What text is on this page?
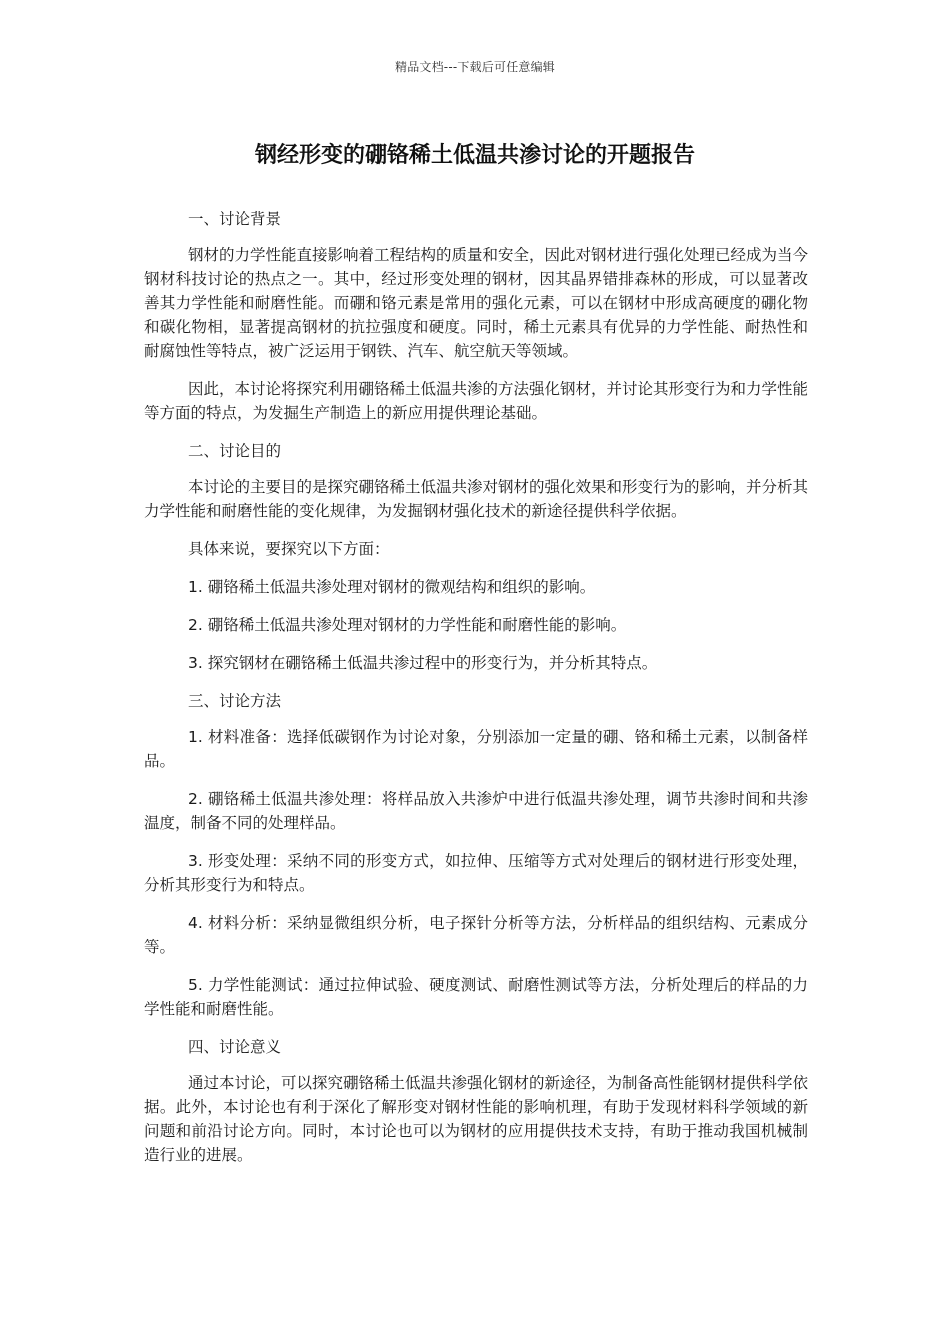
精品文档---下载后可任意编辑
钢经形变的硼铬稀土低温共渗讨论的开题报告

一、讨论背景

钢材的力学性能直接影响着工程结构的质量和安全，因此对钢材进行强化处理已经成为当今钢材科技讨论的热点之一。其中，经过形变处理的钢材，因其晶界错排森林的形成，可以显著改善其力学性能和耐磨性能。而硼和铬元素是常用的强化元素，可以在钢材中形成高硬度的硼化物和碳化物相，显著提高钢材的抗拉强度和硬度。同时，稀土元素具有优异的力学性能、耐热性和耐腐蚀性等特点，被广泛运用于钢铁、汽车、航空航天等领域。

因此，本讨论将探究利用硼铬稀土低温共渗的方法强化钢材，并讨论其形变行为和力学性能等方面的特点，为发掘生产制造上的新应用提供理论基础。

二、讨论目的

本讨论的主要目的是探究硼铬稀土低温共渗对钢材的强化效果和形变行为的影响，并分析其力学性能和耐磨性能的变化规律，为发掘钢材强化技术的新途径提供科学依据。

具体来说，要探究以下方面：

1. 硼铬稀土低温共渗处理对钢材的微观结构和组织的影响。

2. 硼铬稀土低温共渗处理对钢材的力学性能和耐磨性能的影响。

3. 探究钢材在硼铬稀土低温共渗过程中的形变行为，并分析其特点。

三、讨论方法

1. 材料准备：选择低碳钢作为讨论对象，分别添加一定量的硼、铬和稀土元素，以制备样品。

2. 硼铬稀土低温共渗处理：将样品放入共渗炉中进行低温共渗处理，调节共渗时间和共渗温度，制备不同的处理样品。

3. 形变处理：采纳不同的形变方式，如拉伸、压缩等方式对处理后的钢材进行形变处理，分析其形变行为和特点。

4. 材料分析：采纳显微组织分析，电子探针分析等方法，分析样品的组织结构、元素成分等。

5. 力学性能测试：通过拉伸试验、硬度测试、耐磨性测试等方法，分析处理后的样品的力学性能和耐磨性能。

四、讨论意义

通过本讨论，可以探究硼铬稀土低温共渗强化钢材的新途径，为制备高性能钢材提供科学依据。此外，本讨论也有利于深化了解形变对钢材性能的影响机理，有助于发现材料科学领域的新问题和前沿讨论方向。同时，本讨论也可以为钢材的应用提供技术支持，有助于推动我国机械制造行业的进展。
